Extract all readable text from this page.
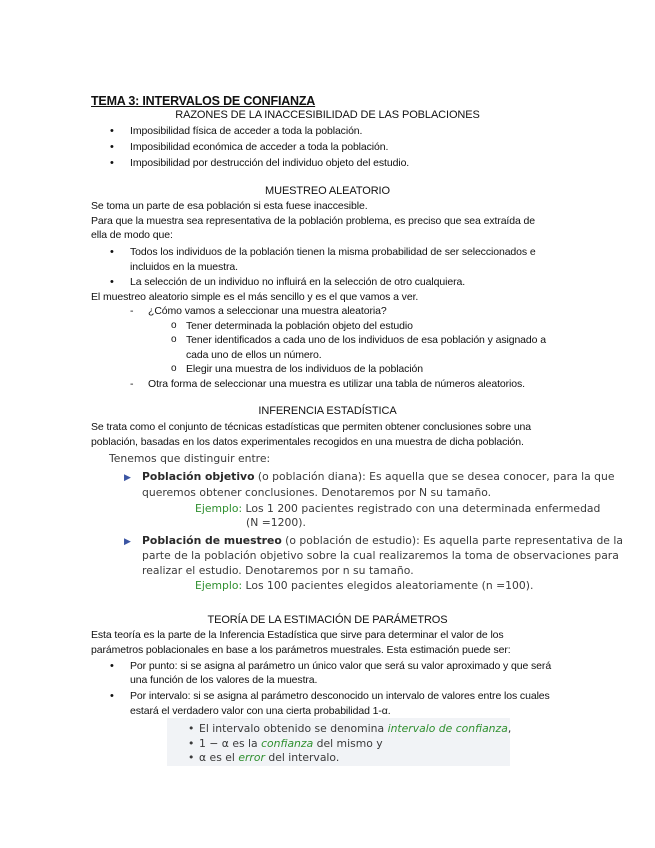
TEMA 3: INTERVALOS DE CONFIANZA
RAZONES DE LA INACCESIBILIDAD DE LAS POBLACIONES
• Imposibilidad física de acceder a toda la población.
• Imposibilidad económica de acceder a toda la población.
• Imposibilidad por destrucción del individuo objeto del estudio.
MUESTREO ALEATORIO
Se toma un parte de esa población si esta fuese inaccesible.
Para que la muestra sea representativa de la población problema, es preciso que sea extraída de
ella de modo que:
• Todos los individuos de la población tienen la misma probabilidad de ser seleccionados e
incluidos en la muestra.
• La selección de un individuo no influirá en la selección de otro cualquiera.
El muestreo aleatorio simple es el más sencillo y es el que vamos a ver.
- ¿Cómo vamos a seleccionar una muestra aleatoria?
o Tener determinada la población objeto del estudio
o Tener identificados a cada uno de los individuos de esa población y asignado a
cada uno de ellos un número.
o Elegir una muestra de los individuos de la población
- Otra forma de seleccionar una muestra es utilizar una tabla de números aleatorios.
INFERENCIA ESTADÍSTICA
Se trata como el conjunto de técnicas estadísticas que permiten obtener conclusiones sobre una
población, basadas en los datos experimentales recogidos en una muestra de dicha población.
Tenemos que distinguir entre:
▶ Población objetivo (o población diana): Es aquella que se desea conocer, para la que
queremos obtener conclusiones. Denotaremos por N su tamaño.
Ejemplo: Los 1 200 pacientes registrado con una determinada enfermedad
(N =1200).
▶ Población de muestreo (o población de estudio): Es aquella parte representativa de la
parte de la población objetivo sobre la cual realizaremos la toma de observaciones para
realizar el estudio. Denotaremos por n su tamaño.
Ejemplo: Los 100 pacientes elegidos aleatoriamente (n =100).
TEORÍA DE LA ESTIMACIÓN DE PARÁMETROS
Esta teoría es la parte de la Inferencia Estadística que sirve para determinar el valor de los
parámetros poblacionales en base a los parámetros muestrales. Esta estimación puede ser:
• Por punto: si se asigna al parámetro un único valor que será su valor aproximado y que será
una función de los valores de la muestra.
• Por intervalo: si se asigna al parámetro desconocido un intervalo de valores entre los cuales
estará el verdadero valor con una cierta probabilidad 1-α.
• El intervalo obtenido se denomina intervalo de confianza,
• 1 − α es la confianza del mismo y
• α es el error del intervalo.
